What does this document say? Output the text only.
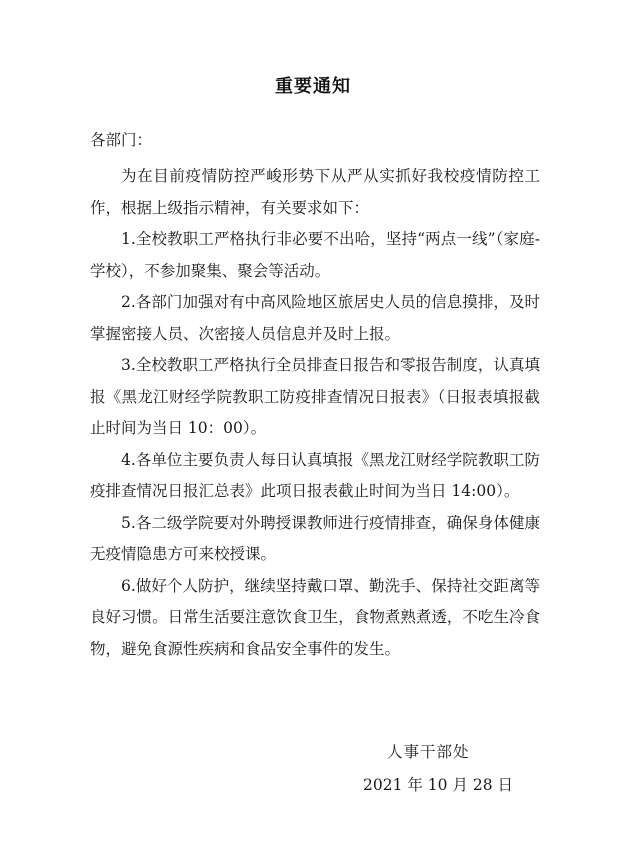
重要通知
各部门：

为在目前疫情防控严峻形势下从严从实抓好我校疫情防控工作，根据上级指示精神，有关要求如下：

1.全校教职工严格执行非必要不出哈，坚持“两点一线”（家庭-学校），不参加聚集、聚会等活动。

2.各部门加强对有中高风险地区旅居史人员的信息摸排，及时掌握密接人员、次密接人员信息并及时上报。

3.全校教职工严格执行全员排查日报告和零报告制度，认真填报《黑龙江财经学院教职工防疫排查情况日报表》（日报表填报截止时间为当日 10：00）。

4.各单位主要负责人每日认真填报《黑龙江财经学院教职工防疫排查情况日报汇总表》此项日报表截止时间为当日 14:00）。

5.各二级学院要对外聘授课教师进行疫情排查，确保身体健康无疫情隐患方可来校授课。

6.做好个人防护，继续坚持戴口罩、勤洗手、保持社交距离等良好习惯。日常生活要注意饮食卫生，食物煮熟煮透，不吃生冷食物，避免食源性疾病和食品安全事件的发生。

人事干部处
2021 年 10 月 28 日
